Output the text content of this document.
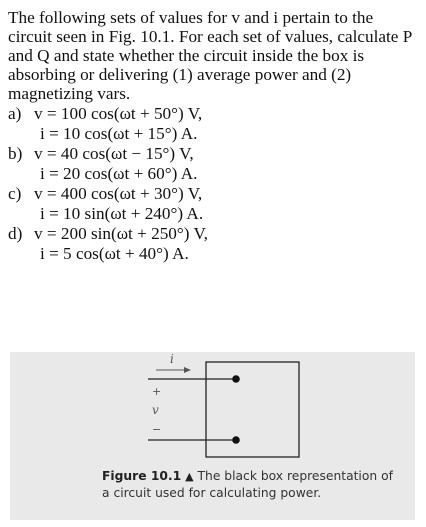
The following sets of values for v and i pertain to the circuit seen in Fig. 10.1. For each set of values, calculate P and Q and state whether the circuit inside the box is absorbing or delivering (1) average power and (2) magnetizing vars.

a) v = 100 cos(ωt + 50°) V,
i = 10 cos(ωt + 15°) A.
b) v = 40 cos(ωt − 15°) V,
i = 20 cos(ωt + 60°) A.
c) v = 400 cos(ωt + 30°) V,
i = 10 sin(ωt + 240°) A.
d) v = 200 sin(ωt + 250°) V,
i = 5 cos(ωt + 40°) A.
i
+
v
−
Figure 10.1 ▲ The black box representation of a circuit used for calculating power.
